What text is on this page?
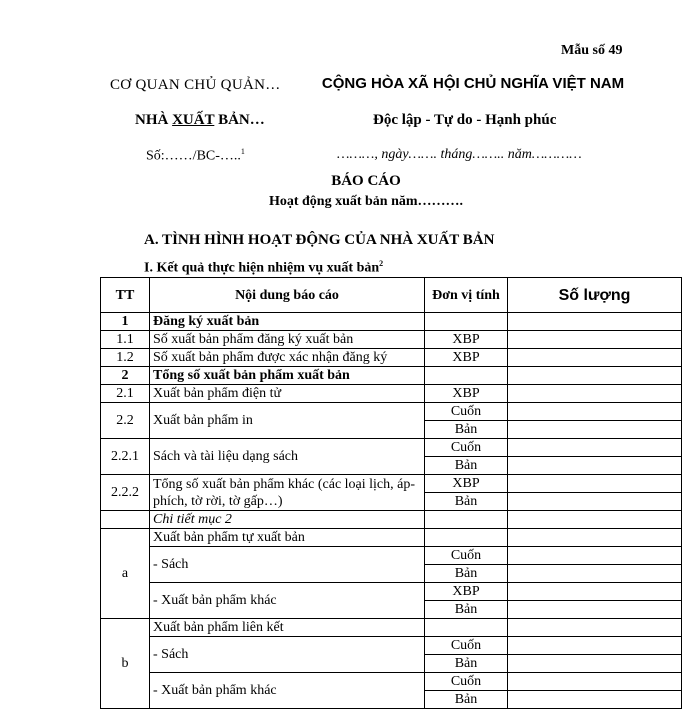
Mẫu số 49
CƠ QUAN CHỦ QUẢN…	CỘNG HÒA XÃ HỘI CHỦ NGHĨA VIỆT NAM
NHÀ XUẤT BẢN…	Độc lập - Tự do - Hạnh phúc
Số:……/BC-…..$^1$	………, ngày……. tháng…….. năm…………
BÁO CÁO
Hoạt động xuất bản năm……….
A. TÌNH HÌNH HOẠT ĐỘNG CỦA NHÀ XUẤT BẢN
I. Kết quả thực hiện nhiệm vụ xuất bản$^2$
TT	Nội dung báo cáo	Đơn vị tính	Số lượng
1	Đăng ký xuất bản		
1.1	Số xuất bản phẩm đăng ký xuất bản	XBP	
1.2	Số xuất bản phẩm được xác nhận đăng ký	XBP	
2	Tổng số xuất bản phẩm xuất bản		
2.1	Xuất bản phẩm điện tử	XBP	
2.2	Xuất bản phẩm in	Cuốn	
		Bản	
2.2.1	Sách và tài liệu dạng sách	Cuốn	
		Bản	
2.2.2	Tổng số xuất bản phẩm khác (các loại lịch, áp-phích, tờ rời, tờ gấp…)	XBP	
		Bản	
	Chi tiết mục 2		
a	Xuất bản phẩm tự xuất bản		
	- Sách	Cuốn	
		Bản	
	- Xuất bản phẩm khác	XBP	
		Bản	
b	Xuất bản phẩm liên kết		
	- Sách	Cuốn	
		Bản	
	- Xuất bản phẩm khác	Cuốn	
		Bản	
